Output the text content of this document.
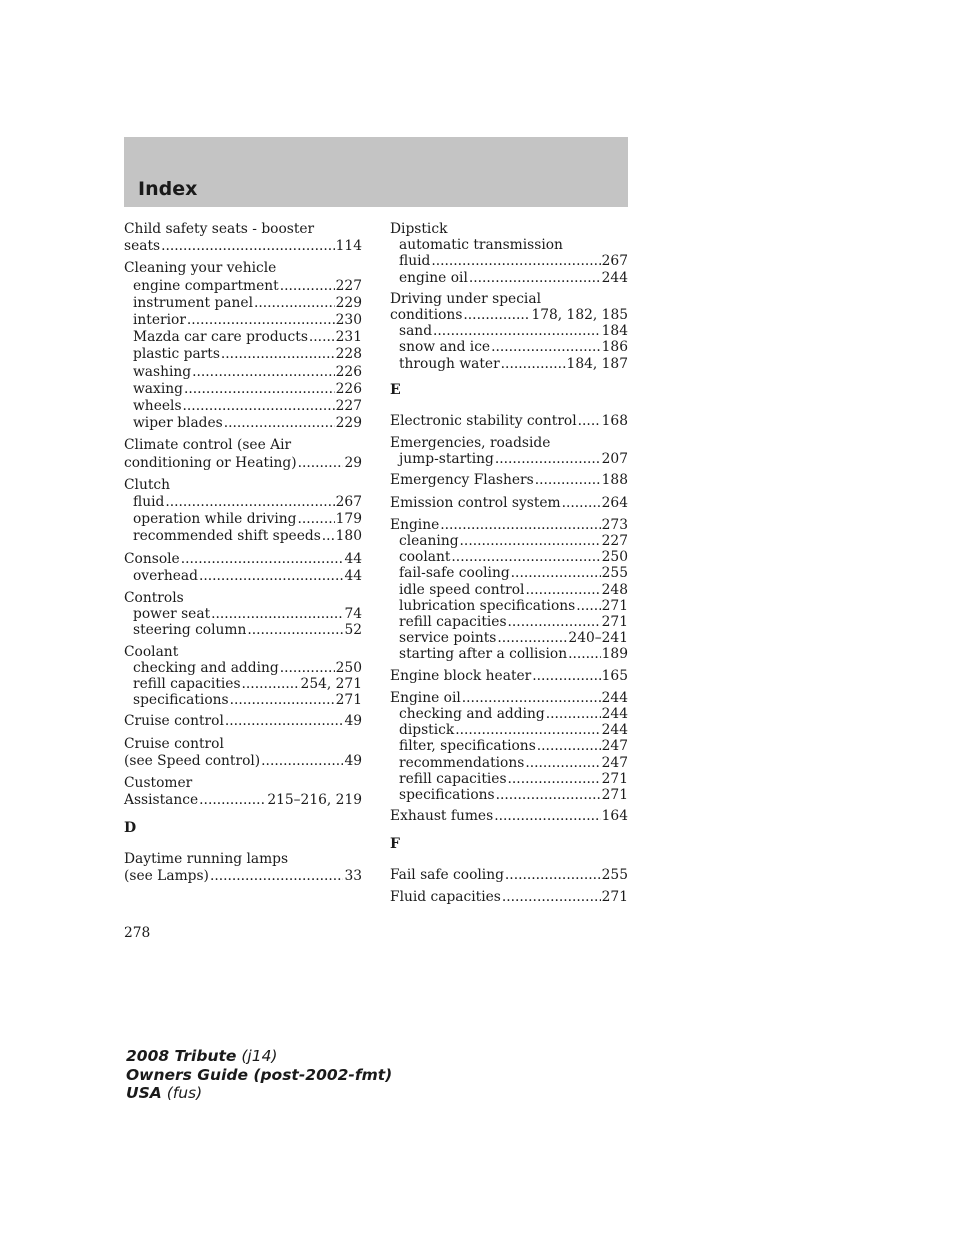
Index
Child safety seats - booster
seats .....	114
Cleaning your vehicle
engine compartment .....	227
instrument panel .....	229
interior .....	230
Mazda car care products ..... 231
plastic parts .....	228
washing .....	226
waxing .....	226
wheels .....	227
wiper blades .....	229
Climate control (see Air
conditioning or Heating) .....	29
Clutch
fluid .....	267
operation while driving .....	179
recommended shift speeds ..... 180
Console .....	44
overhead .....	44
Controls
power seat .....	74
steering column .....	52
Coolant
checking and adding .....	250
refill capacities .....	254, 271
specifications .....	271
Cruise control .....	49
Cruise control
(see Speed control) .....	49
Customer
Assistance .....	215–216, 219
D
Daytime running lamps
(see Lamps) .....	33
Dipstick
automatic transmission
fluid .....	267
engine oil .....	244
Driving under special
conditions .....	178, 182, 185
sand .....	184
snow and ice .....	186
through water .....	184, 187
E
Electronic stability control ..... 168
Emergencies, roadside
jump-starting .....	207
Emergency Flashers .....	188
Emission control system .....	264
Engine .....	273
cleaning .....	227
coolant .....	250
fail-safe cooling .....	255
idle speed control .....	248
lubrication specifications ..... 271
refill capacities .....	271
service points .....	240–241
starting after a collision .....	189
Engine block heater .....	165
Engine oil .....	244
checking and adding .....	244
dipstick .....	244
filter, specifications .....	247
recommendations .....	247
refill capacities .....	271
specifications .....	271
Exhaust fumes .....	164
F
Fail safe cooling .....	255
Fluid capacities .....	271
278
2008 Tribute (j14)
Owners Guide (post-2002-fmt)
USA (fus)
